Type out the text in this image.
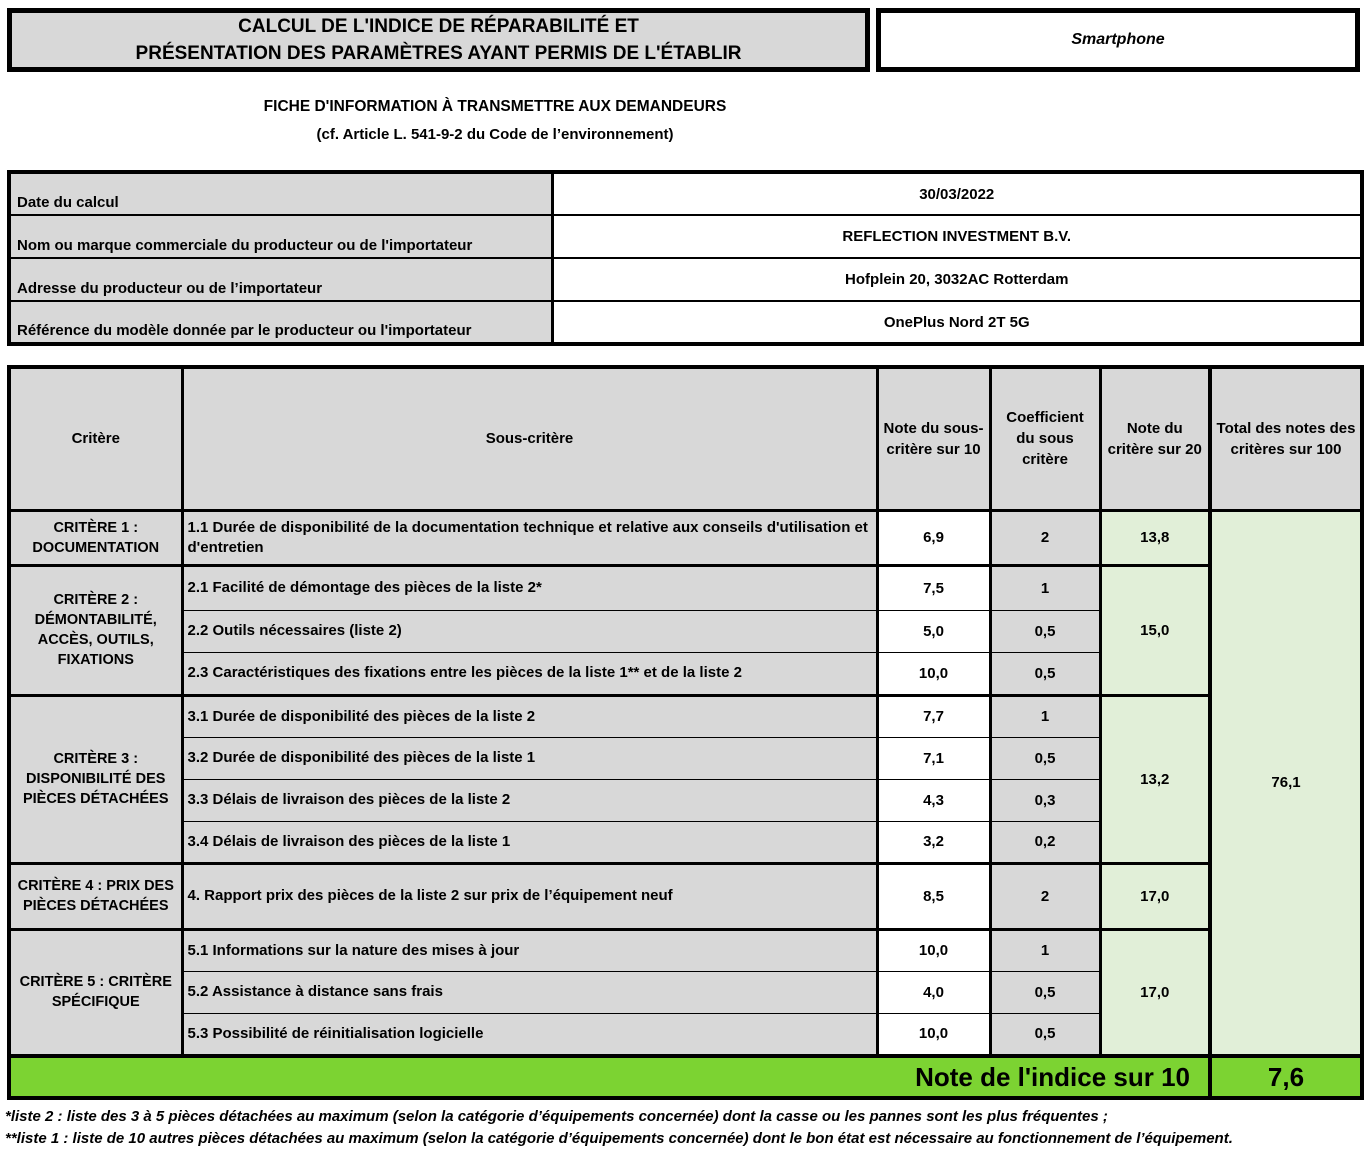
CALCUL DE L'INDICE DE RÉPARABILITÉ ET
PRÉSENTATION DES PARAMÈTRES AYANT PERMIS DE L'ÉTABLIR
Smartphone
FICHE D'INFORMATION À TRANSMETTRE AUX DEMANDEURS
(cf. Article L. 541-9-2 du Code de l’environnement)
Date du calcul	30/03/2022
Nom ou marque commerciale du producteur ou de l'importateur	REFLECTION INVESTMENT B.V.
Adresse du producteur ou de l’importateur	Hofplein 20, 3032AC Rotterdam
Référence du modèle donnée par le producteur ou l'importateur	OnePlus Nord 2T 5G
Critère	Sous-critère	Note du sous-critère sur 10	Coefficient du sous critère	Note du critère sur 20	Total des notes des critères sur 100
CRITÈRE 1 : DOCUMENTATION	1.1 Durée de disponibilité de la documentation technique et relative aux conseils d'utilisation et d'entretien	6,9	2	13,8	76,1
CRITÈRE 2 : DÉMONTABILITÉ, ACCÈS, OUTILS, FIXATIONS	2.1 Facilité de démontage des pièces de la liste 2*	7,5	1	15,0	
	2.2 Outils nécessaires (liste 2)	5,0	0,5		
	2.3 Caractéristiques des fixations entre les pièces de la liste 1** et de la liste 2	10,0	0,5		
CRITÈRE 3 : DISPONIBILITÉ DES PIÈCES DÉTACHÉES	3.1 Durée de disponibilité des pièces de la liste 2	7,7	1	13,2	
	3.2 Durée de disponibilité des pièces de la liste 1	7,1	0,5		
	3.3 Délais de livraison des pièces de la liste 2	4,3	0,3		
	3.4 Délais de livraison des pièces de la liste 1	3,2	0,2		
CRITÈRE 4 : PRIX DES PIÈCES DÉTACHÉES	4. Rapport prix des pièces de la liste 2 sur prix de l’équipement neuf	8,5	2	17,0	
CRITÈRE 5 : CRITÈRE SPÉCIFIQUE	5.1 Informations sur la nature des mises à jour	10,0	1	17,0	
	5.2 Assistance à distance sans frais	4,0	0,5		
	5.3 Possibilité de réinitialisation logicielle	10,0	0,5		
Note de l'indice sur 10					7,6
*liste 2 : liste des 3 à 5 pièces détachées au maximum (selon la catégorie d’équipements concernée) dont la casse ou les pannes sont les plus fréquentes ;
**liste 1 : liste de 10 autres pièces détachées au maximum (selon la catégorie d’équipements concernée) dont le bon état est nécessaire au fonctionnement de l’équipement.
